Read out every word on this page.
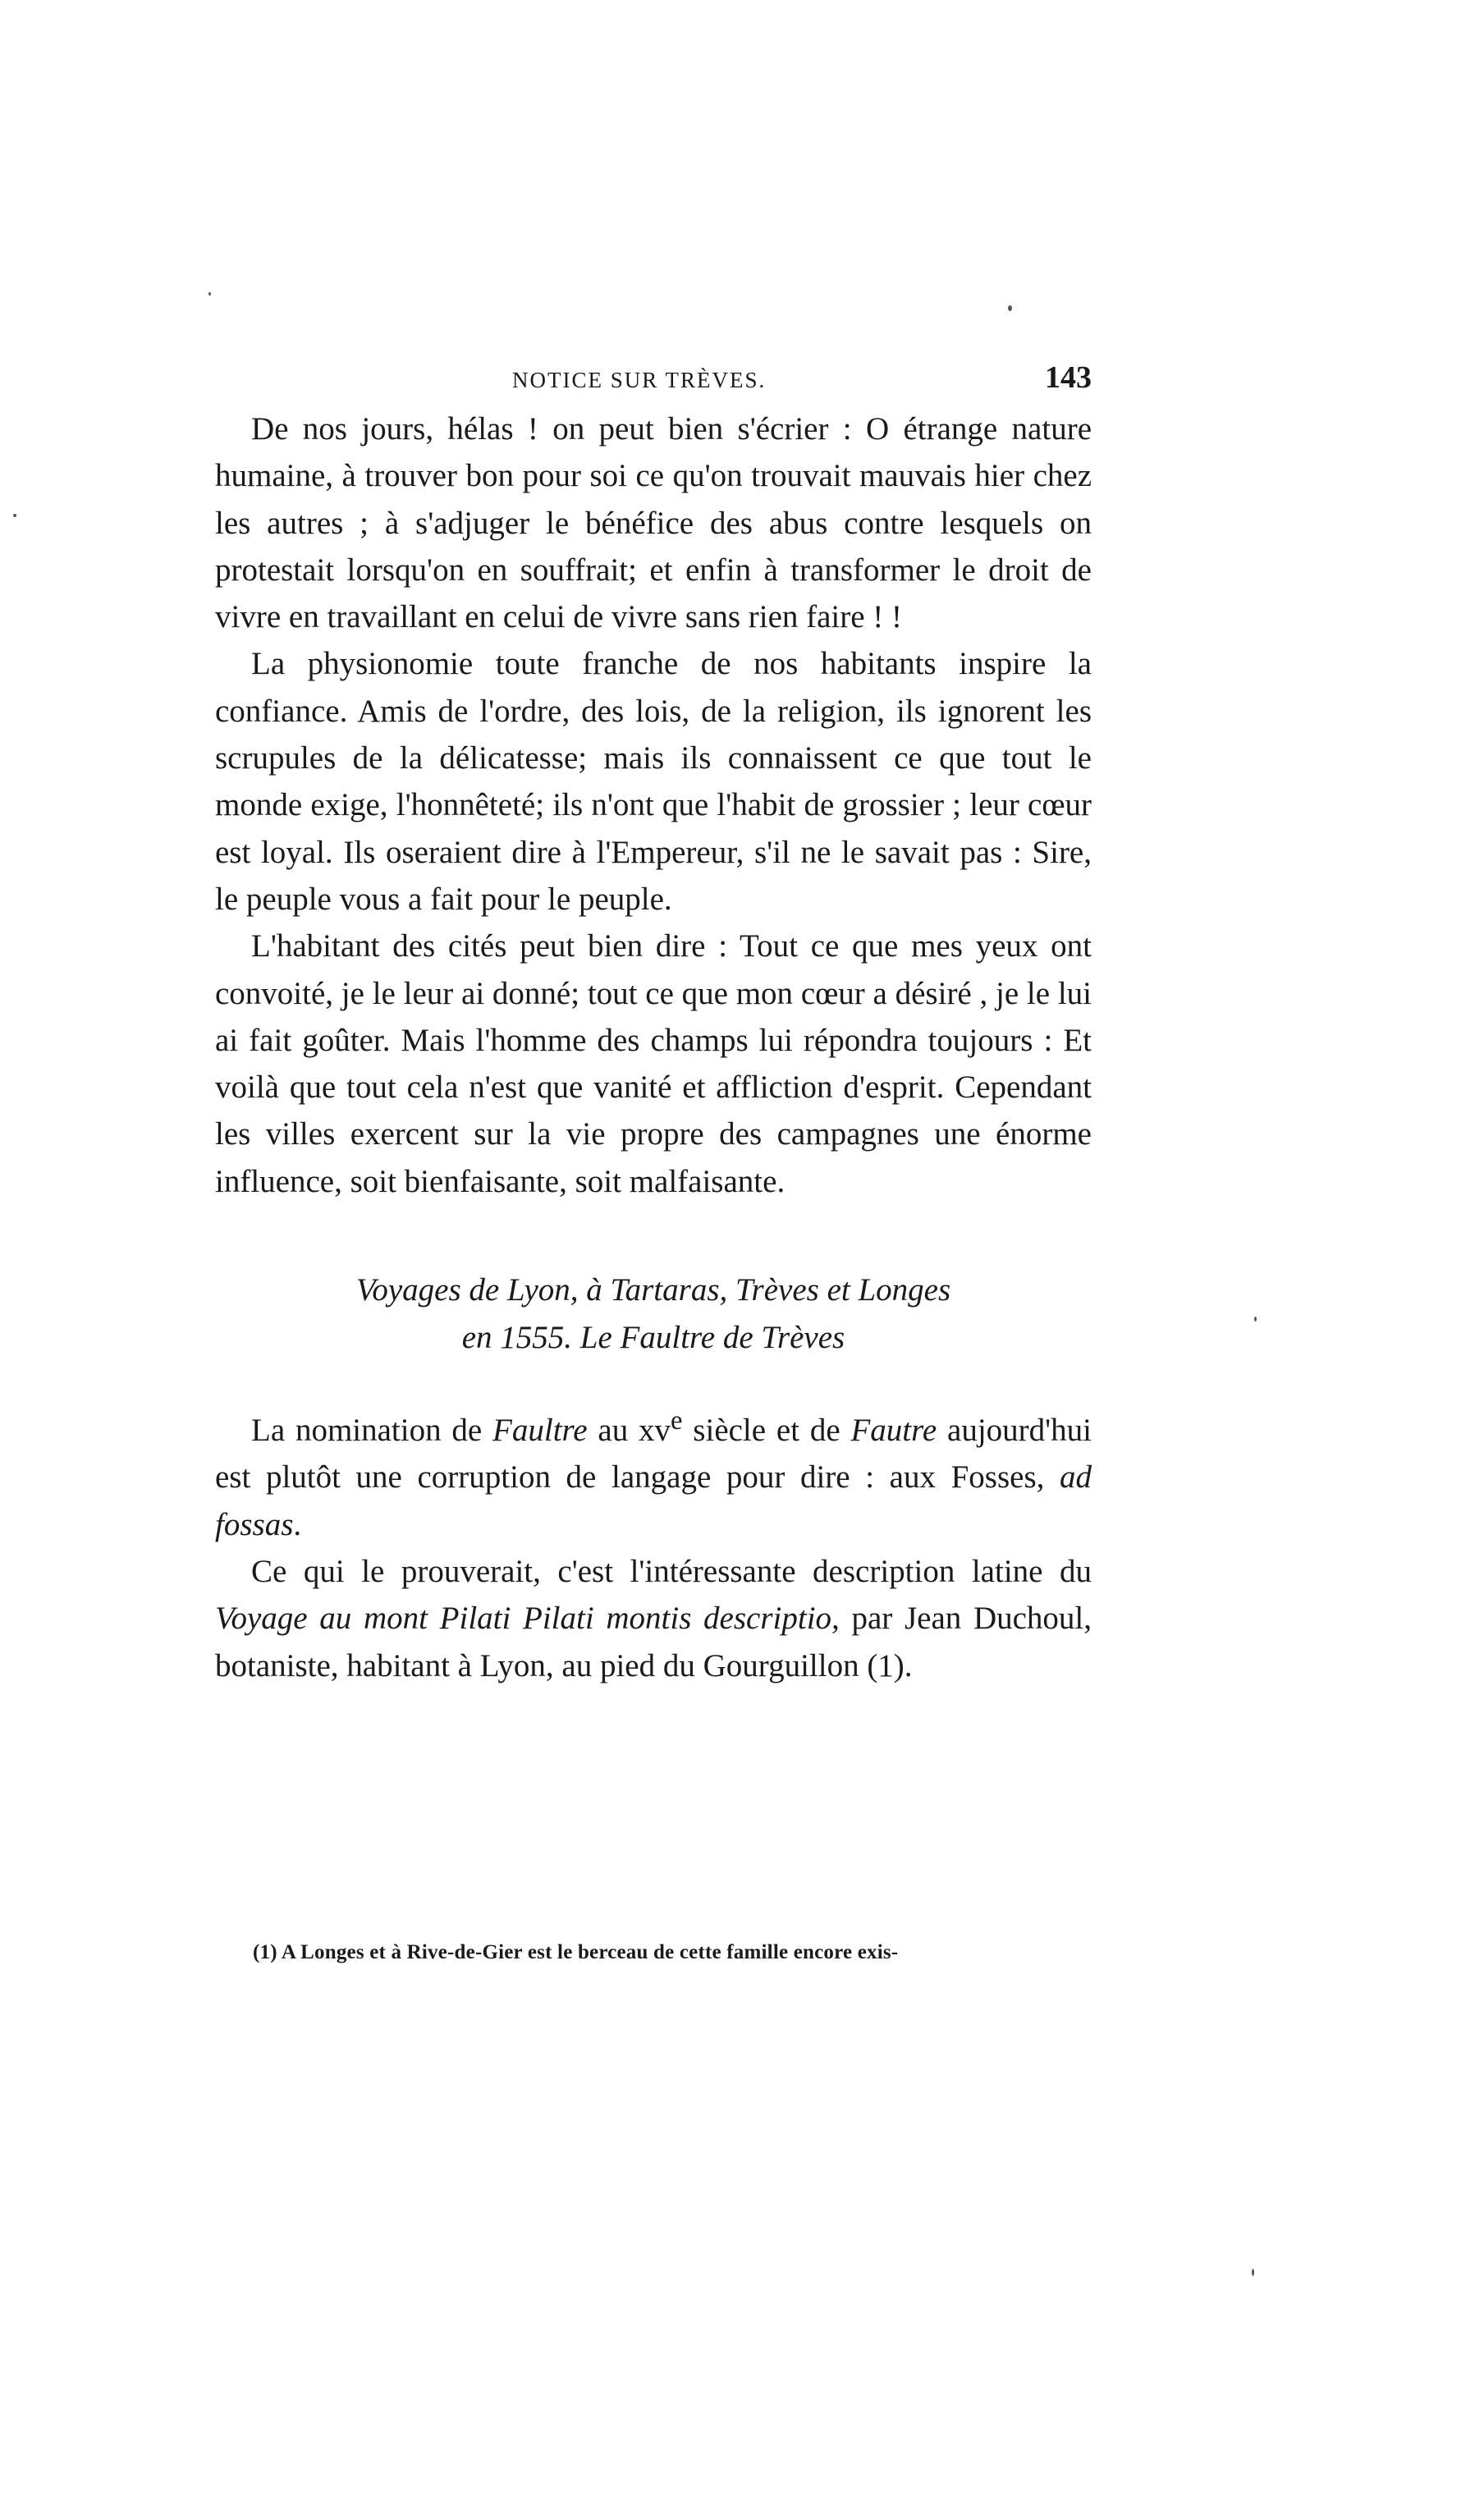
NOTICE SUR TRÈVES.	143

De nos jours, hélas ! on peut bien s'écrier : O étrange nature humaine, à trouver bon pour soi ce qu'on trouvait mauvais hier chez les autres ; à s'adjuger le bénéfice des abus contre lesquels on protestait lorsqu'on en souffrait; et enfin à transformer le droit de vivre en travaillant en celui de vivre sans rien faire ! !

La physionomie toute franche de nos habitants inspire la confiance. Amis de l'ordre, des lois, de la religion, ils ignorent les scrupules de la délicatesse; mais ils connaissent ce que tout le monde exige, l'honnêteté; ils n'ont que l'habit de grossier ; leur cœur est loyal. Ils oseraient dire à l'Empereur, s'il ne le savait pas : Sire, le peuple vous a fait pour le peuple.

L'habitant des cités peut bien dire : Tout ce que mes yeux ont convoité, je le leur ai donné; tout ce que mon cœur a désiré , je le lui ai fait goûter. Mais l'homme des champs lui répondra toujours : Et voilà que tout cela n'est que vanité et affliction d'esprit. Cependant les villes exercent sur la vie propre des campagnes une énorme influence, soit bienfaisante, soit malfaisante.

Voyages de Lyon, à Tartaras, Trèves et Longes
en 1555. Le Faultre de Trèves

La nomination de Faultre au $xv^e$ siècle et de Fautre aujourd'hui est plutôt une corruption de langage pour dire : aux Fosses, ad fossas.

Ce qui le prouverait, c'est l'intéressante description latine du Voyage au mont Pilati Pilati montis descriptio, par Jean Duchoul, botaniste, habitant à Lyon, au pied du Gourguillon (1).

(1) A Longes et à Rive-de-Gier est le berceau de cette famille encore exis-
